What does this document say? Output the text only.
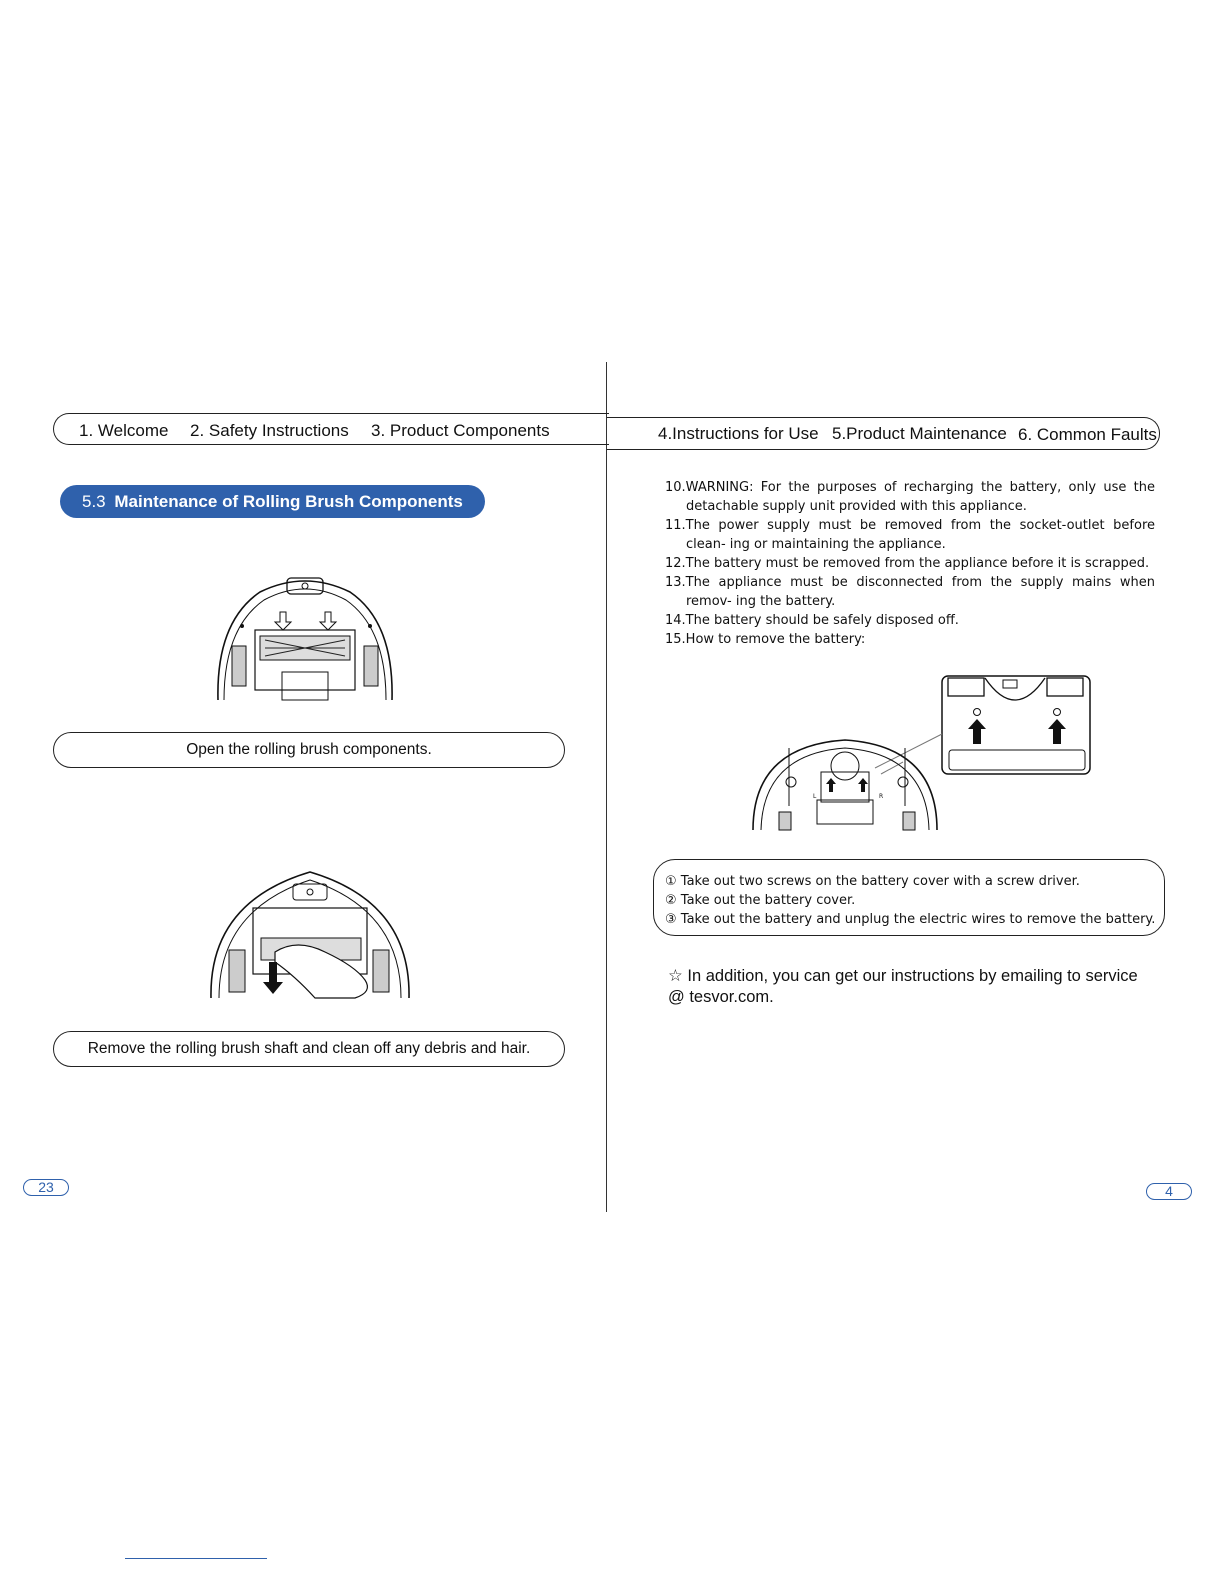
1. Welcome 2. Safety Instructions 3. Product Components	4.Instructions for Use 5.Product Maintenance 6. Common Faults
5.3 Maintenance of Rolling Brush Components
Open the rolling brush components.
Remove the rolling brush shaft and clean off any debris and hair.
23
10.WARNING: For the purposes of recharging the battery, only use the detachable supply unit provided with this appliance.
11.The power supply must be removed from the socket-outlet before clean- ing or maintaining the appliance.
12.The battery must be removed from the appliance before it is scrapped.
13.The appliance must be disconnected from the supply mains when remov- ing the battery.
14.The battery should be safely disposed off.
15.How to remove the battery:
L	R
① Take out two screws on the battery cover with a screw driver.
② Take out the battery cover.
③ Take out the battery and unplug the electric wires to remove the battery.
☆ In addition, you can get our instructions by emailing to service @ tesvor.com.
4
